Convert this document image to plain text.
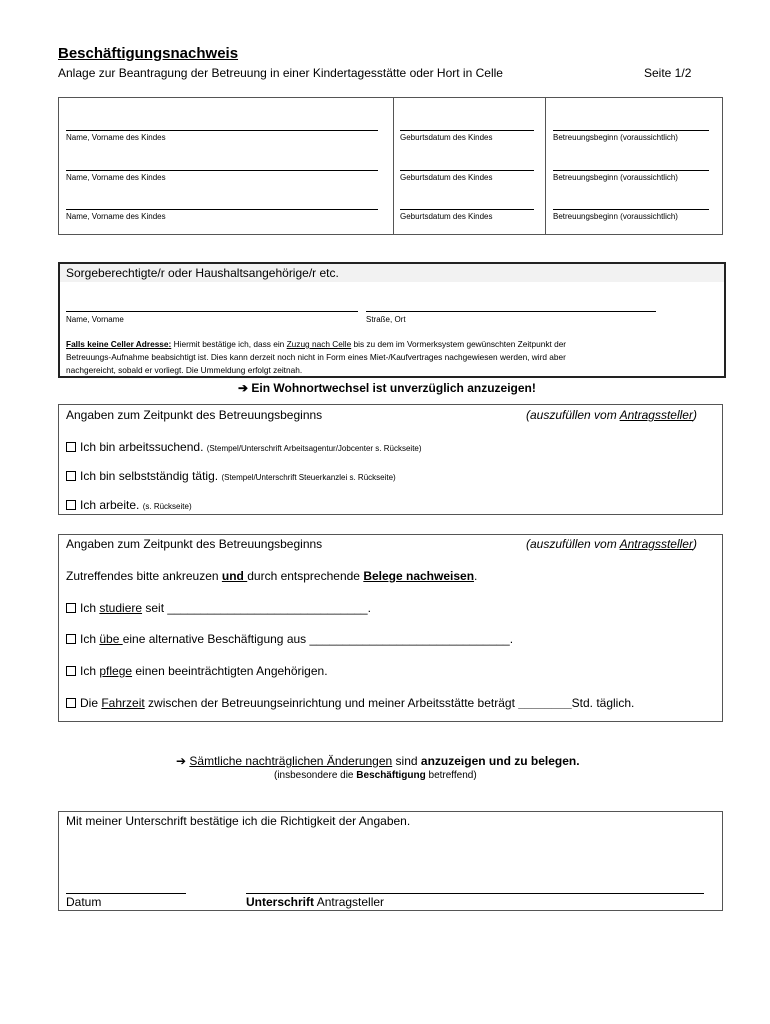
Beschäftigungsnachweis
Anlage zur Beantragung der Betreuung in einer Kindertagesstätte oder Hort in Celle	Seite 1/2
Name, Vorname des Kindes	Geburtsdatum des Kindes	Betreuungsbeginn (voraussichtlich)
Name, Vorname des Kindes	Geburtsdatum des Kindes	Betreuungsbeginn (voraussichtlich)
Name, Vorname des Kindes	Geburtsdatum des Kindes	Betreuungsbeginn (voraussichtlich)
Sorgeberechtigte/r oder Haushaltsangehörige/r etc.
Name, Vorname	Straße, Ort
Falls keine Celler Adresse: Hiermit bestätige ich, dass ein Zuzug nach Celle bis zu dem im Vormerksystem gewünschten Zeitpunkt der
Betreuungs-Aufnahme beabsichtigt ist. Dies kann derzeit noch nicht in Form eines Miet-/Kaufvertrages nachgewiesen werden, wird aber
nachgereicht, sobald er vorliegt. Die Ummeldung erfolgt zeitnah.
➔ Ein Wohnortwechsel ist unverzüglich anzuzeigen!
Angaben zum Zeitpunkt des Betreuungsbeginns	(auszufüllen vom Antragssteller)
Ich bin arbeitssuchend. (Stempel/Unterschrift Arbeitsagentur/Jobcenter s. Rückseite)
Ich bin selbstständig tätig. (Stempel/Unterschrift Steuerkanzlei s. Rückseite)
Ich arbeite. (s. Rückseite)
Angaben zum Zeitpunkt des Betreuungsbeginns	(auszufüllen vom Antragssteller)
Zutreffendes bitte ankreuzen und durch entsprechende Belege nachweisen.
Ich studiere seit ______________________________.
Ich übe eine alternative Beschäftigung aus ______________________________.
Ich pflege einen beeinträchtigten Angehörigen.
Die Fahrzeit zwischen der Betreuungseinrichtung und meiner Arbeitsstätte beträgt ________Std. täglich.
➔ Sämtliche nachträglichen Änderungen sind anzuzeigen und zu belegen.
(insbesondere die Beschäftigung betreffend)
Mit meiner Unterschrift bestätige ich die Richtigkeit der Angaben.
Datum	Unterschrift Antragsteller
